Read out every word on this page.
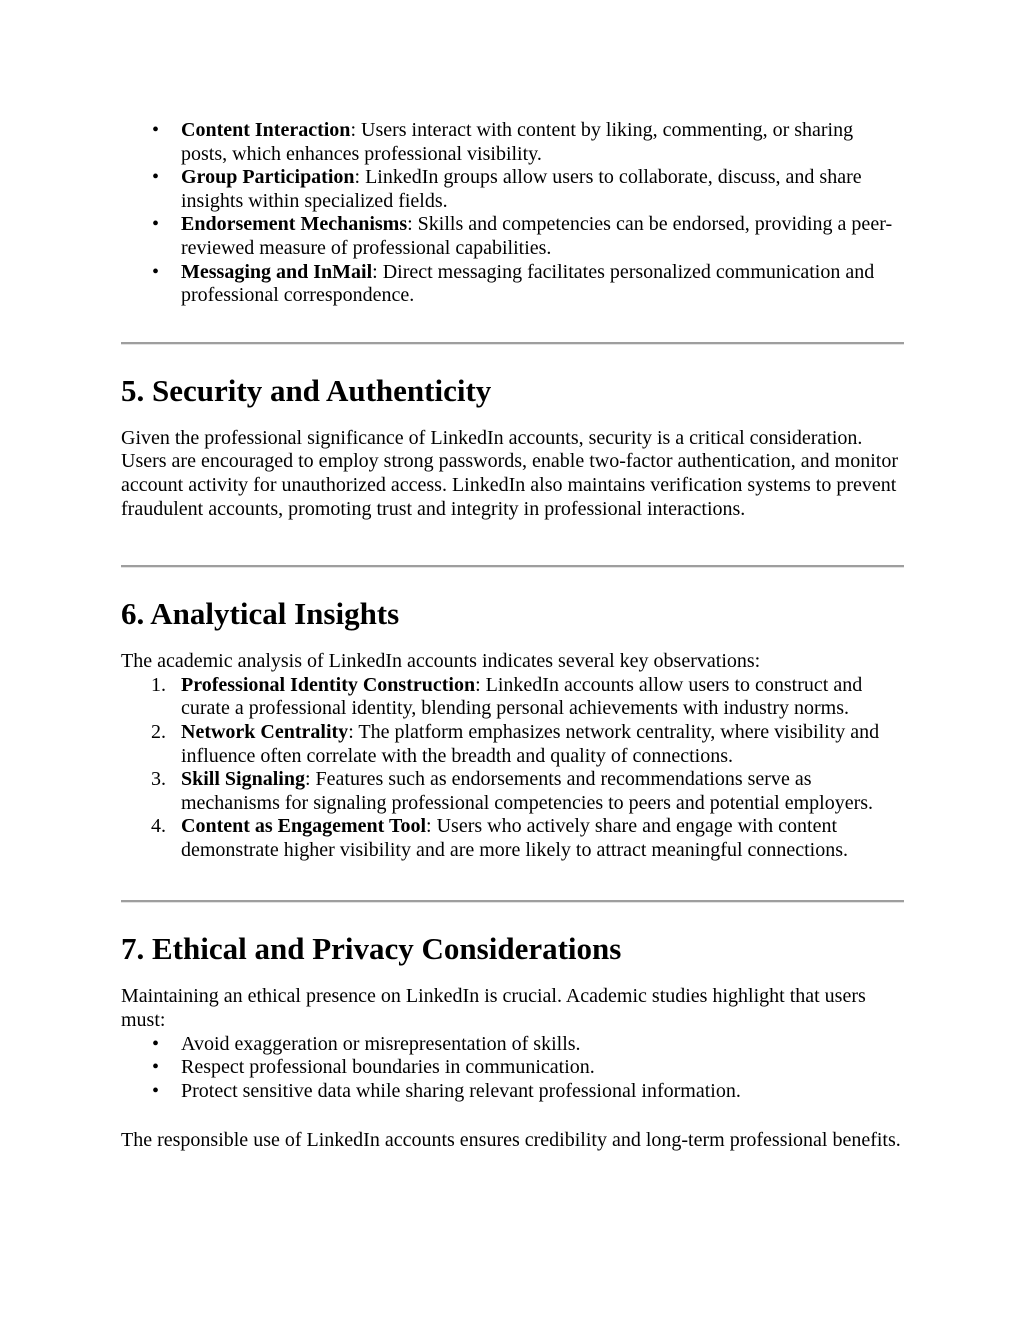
• Content Interaction: Users interact with content by liking, commenting, or sharing posts, which enhances professional visibility.
• Group Participation: LinkedIn groups allow users to collaborate, discuss, and share insights within specialized fields.
• Endorsement Mechanisms: Skills and competencies can be endorsed, providing a peer-reviewed measure of professional capabilities.
• Messaging and InMail: Direct messaging facilitates personalized communication and professional correspondence.
5. Security and Authenticity

Given the professional significance of LinkedIn accounts, security is a critical consideration. Users are encouraged to employ strong passwords, enable two-factor authentication, and monitor account activity for unauthorized access. LinkedIn also maintains verification systems to prevent fraudulent accounts, promoting trust and integrity in professional interactions.

6. Analytical Insights

The academic analysis of LinkedIn accounts indicates several key observations:

Professional Identity Construction: LinkedIn accounts allow users to construct and curate a professional identity, blending personal achievements with industry norms.
Network Centrality: The platform emphasizes network centrality, where visibility and influence often correlate with the breadth and quality of connections.
Skill Signaling: Features such as endorsements and recommendations serve as mechanisms for signaling professional competencies to peers and potential employers.
Content as Engagement Tool: Users who actively share and engage with content demonstrate higher visibility and are more likely to attract meaningful connections.
7. Ethical and Privacy Considerations

Maintaining an ethical presence on LinkedIn is crucial. Academic studies highlight that users must:

• Avoid exaggeration or misrepresentation of skills.
• Respect professional boundaries in communication.
• Protect sensitive data while sharing relevant professional information.

The responsible use of LinkedIn accounts ensures credibility and long-term professional benefits.
